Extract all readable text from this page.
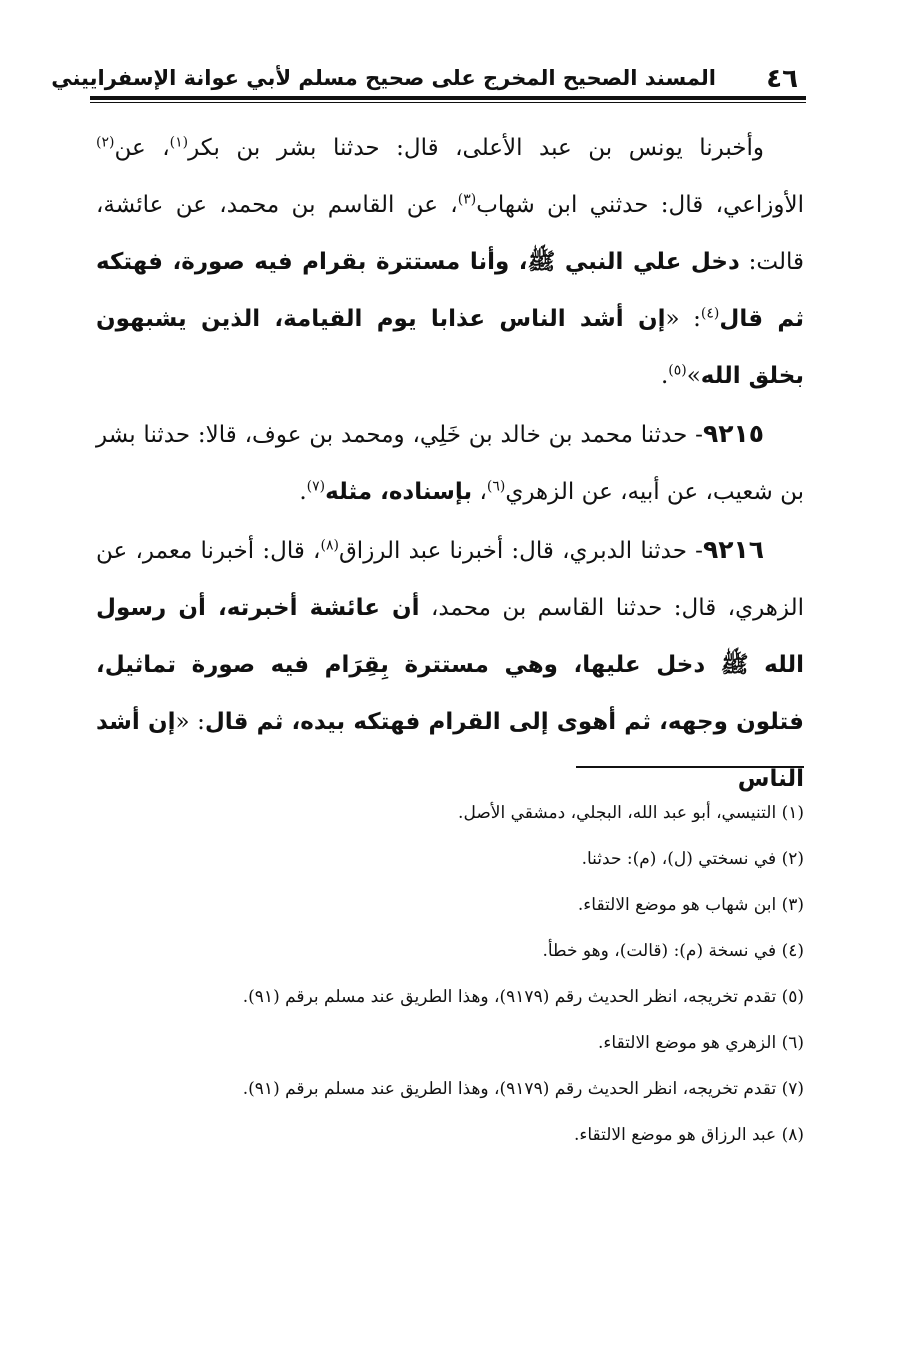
٤٦
المسند الصحيح المخرج على صحيح مسلم لأبي عوانة الإسفراييني

وأخبرنا يونس بن عبد الأعلى، قال: حدثنا بشر بن بكر$^{(١)}$، عن$^{(٢)}$ الأوزاعي، قال: حدثني ابن شهاب$^{(٣)}$، عن القاسم بن محمد، عن عائشة، قالت: دخل علي النبي ﷺ، وأنا مستترة بقرام فيه صورة، فهتكه ثم قال$^{(٤)}$: «إن أشد الناس عذابا يوم القيامة، الذين يشبهون بخلق الله»$^{(٥)}$.

٩٢١٥- حدثنا محمد بن خالد بن خَلِي، ومحمد بن عوف، قالا: حدثنا بشر بن شعيب، عن أبيه، عن الزهري$^{(٦)}$، بإسناده، مثله$^{(٧)}$.

٩٢١٦- حدثنا الدبري، قال: أخبرنا عبد الرزاق$^{(٨)}$، قال: أخبرنا معمر، عن الزهري، قال: حدثنا القاسم بن محمد، أن عائشة أخبرته، أن رسول الله ﷺ دخل عليها، وهي مستترة بِقِرَام فيه صورة تماثيل، فتلون وجهه، ثم أهوى إلى القرام فهتكه بيده، ثم قال: «إن أشد الناس

(١) التنيسي، أبو عبد الله، البجلي، دمشقي الأصل.

(٢) في نسختي (ل)، (م): حدثنا.

(٣) ابن شهاب هو موضع الالتقاء.

(٤) في نسخة (م): (قالت)، وهو خطأ.

(٥) تقدم تخريجه، انظر الحديث رقم (٩١٧٩)، وهذا الطريق عند مسلم برقم (٩١).

(٦) الزهري هو موضع الالتقاء.

(٧) تقدم تخريجه، انظر الحديث رقم (٩١٧٩)، وهذا الطريق عند مسلم برقم (٩١).

(٨) عبد الرزاق هو موضع الالتقاء.
